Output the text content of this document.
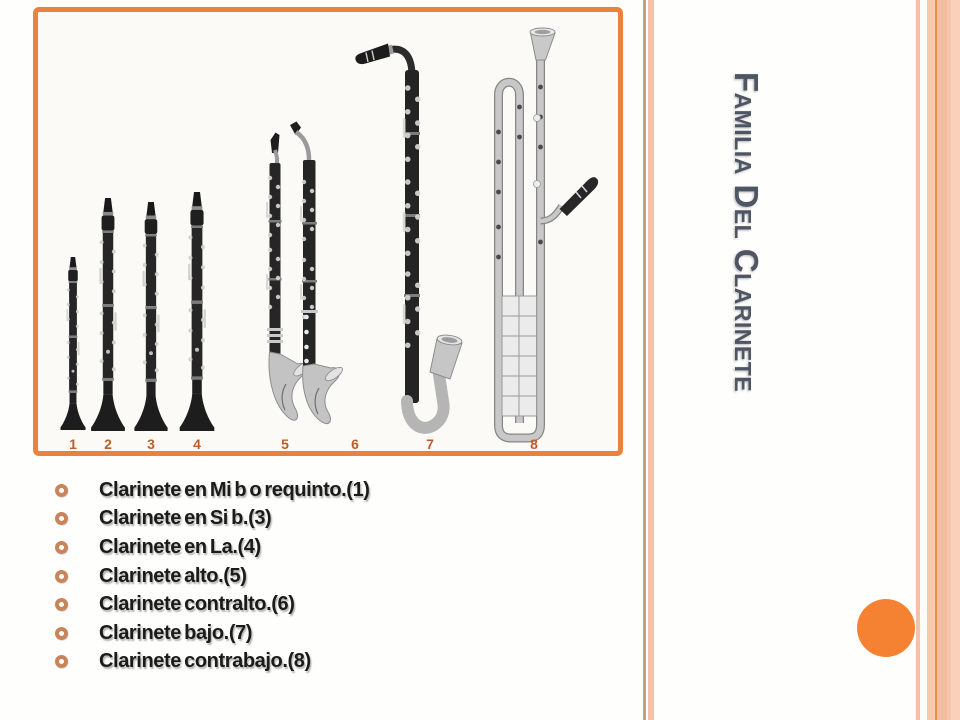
1 2	3	4	5	6	7	8
Familia Del Clarinete
Clarinete en Mi b o requinto.(1)
Clarinete en Si b.(3)
Clarinete en La.(4)
Clarinete alto.(5)
Clarinete contralto.(6)
Clarinete bajo.(7)
Clarinete contrabajo.(8)
